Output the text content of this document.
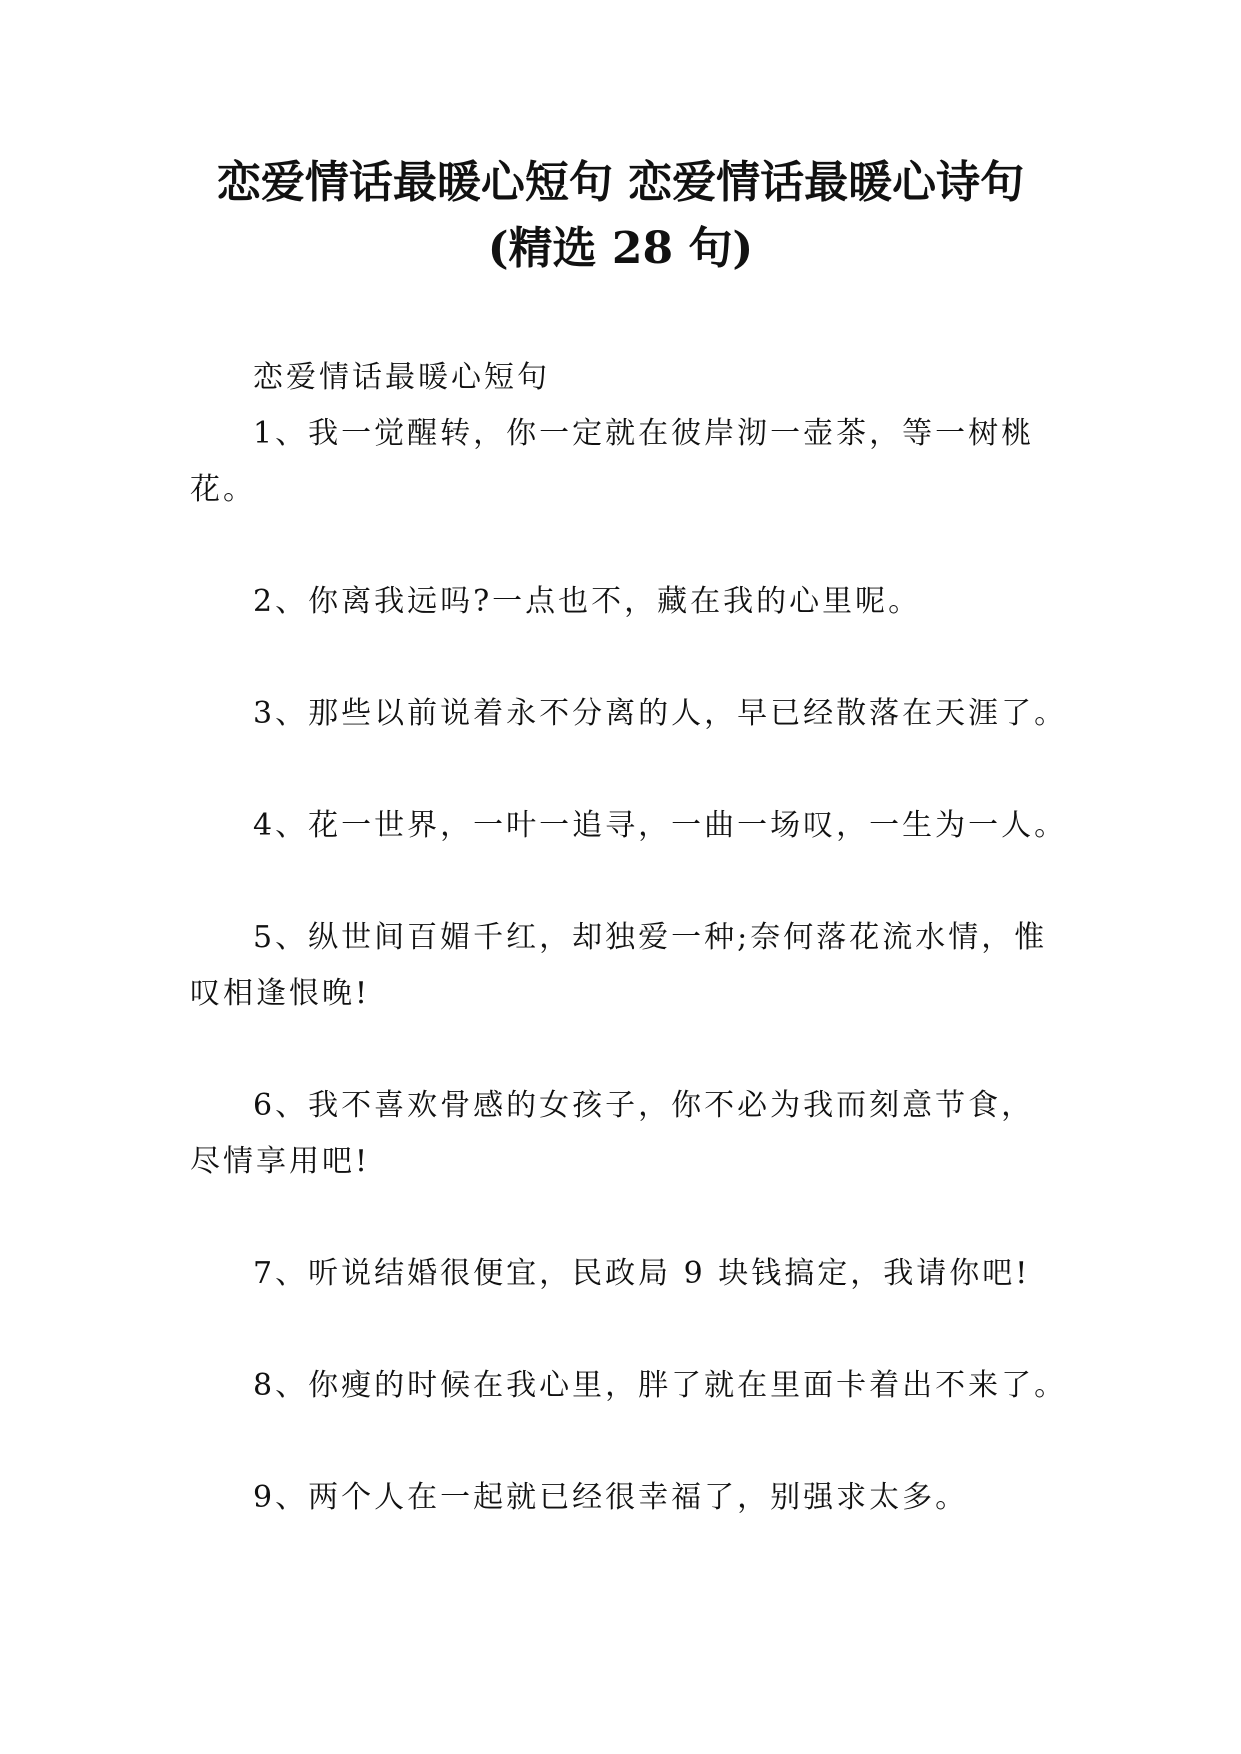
恋爱情话最暖心短句 恋爱情话最暖心诗句
(精选 28 句)

恋爱情话最暖心短句

1、我一觉醒转，你一定就在彼岸沏一壶茶，等一树桃

花。

2、你离我远吗?一点也不，藏在我的心里呢。

3、那些以前说着永不分离的人，早已经散落在天涯了。

4、花一世界，一叶一追寻，一曲一场叹，一生为一人。

5、纵世间百媚千红，却独爱一种;奈何落花流水情，惟

叹相逢恨晚!

6、我不喜欢骨感的女孩子，你不必为我而刻意节食，

尽情享用吧!

7、听说结婚很便宜，民政局 9 块钱搞定，我请你吧!

8、你瘦的时候在我心里，胖了就在里面卡着出不来了。

9、两个人在一起就已经很幸福了，别强求太多。
